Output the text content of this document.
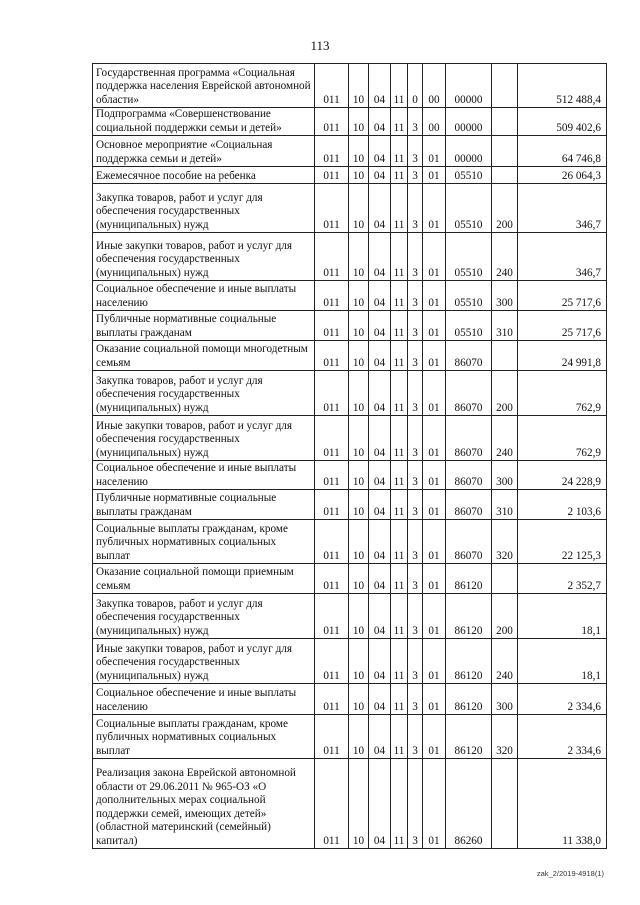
113
Государственная программа «Социальная поддержка населения Еврейской автономной области»	011	10	04	11	0	00	00000		512 488,4
Подпрограмма «Совершенствование социальной поддержки семьи и детей»	011	10	04	11	3	00	00000		509 402,6
Основное мероприятие «Социальная поддержка семьи и детей»	011	10	04	11	3	01	00000		64 746,8
Ежемесячное пособие на ребенка	011	10	04	11	3	01	05510		26 064,3
Закупка товаров, работ и услуг для обеспечения государственных (муниципальных) нужд	011	10	04	11	3	01	05510	200	346,7
Иные закупки товаров, работ и услуг для обеспечения государственных (муниципальных) нужд	011	10	04	11	3	01	05510	240	346,7
Социальное обеспечение и иные выплаты населению	011	10	04	11	3	01	05510	300	25 717,6
Публичные нормативные социальные выплаты гражданам	011	10	04	11	3	01	05510	310	25 717,6
Оказание социальной помощи многодетным семьям	011	10	04	11	3	01	86070		24 991,8
Закупка товаров, работ и услуг для обеспечения государственных (муниципальных) нужд	011	10	04	11	3	01	86070	200	762,9
Иные закупки товаров, работ и услуг для обеспечения государственных (муниципальных) нужд	011	10	04	11	3	01	86070	240	762,9
Социальное обеспечение и иные выплаты населению	011	10	04	11	3	01	86070	300	24 228,9
Публичные нормативные социальные выплаты гражданам	011	10	04	11	3	01	86070	310	2 103,6
Социальные выплаты гражданам, кроме публичных нормативных социальных выплат	011	10	04	11	3	01	86070	320	22 125,3
Оказание социальной помощи приемным семьям	011	10	04	11	3	01	86120		2 352,7
Закупка товаров, работ и услуг для обеспечения государственных (муниципальных) нужд	011	10	04	11	3	01	86120	200	18,1
Иные закупки товаров, работ и услуг для обеспечения государственных (муниципальных) нужд	011	10	04	11	3	01	86120	240	18,1
Социальное обеспечение и иные выплаты населению	011	10	04	11	3	01	86120	300	2 334,6
Социальные выплаты гражданам, кроме публичных нормативных социальных выплат	011	10	04	11	3	01	86120	320	2 334,6
Реализация закона Еврейской автономной области от 29.06.2011 № 965-ОЗ «О дополнительных мерах социальной поддержки семей, имеющих детей» (областной материнский (семейный) капитал)	011	10	04	11	3	01	86260		11 338,0
zak_2/2019-4918(1)
